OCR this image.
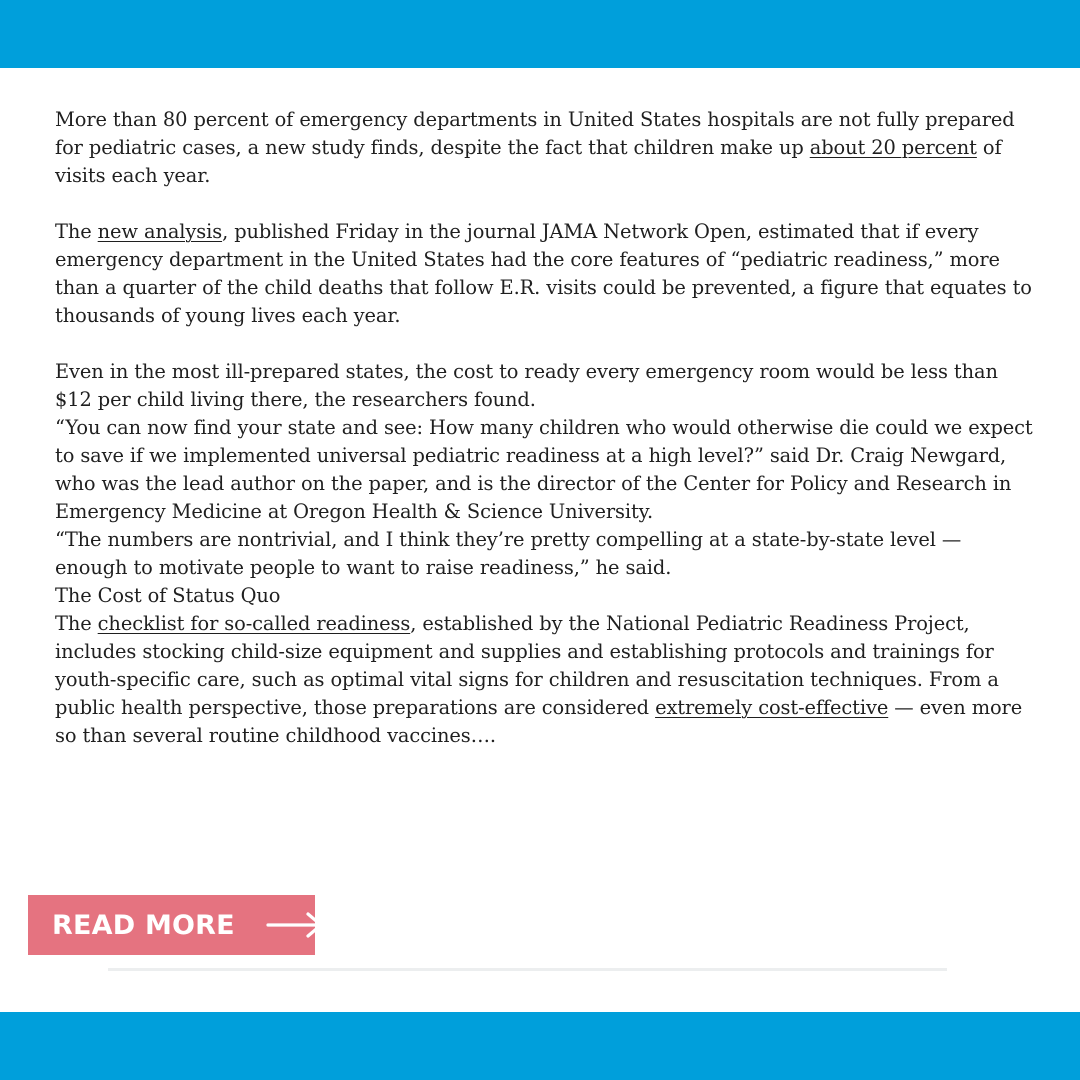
More than 80 percent of emergency departments in United States hospitals are not fully prepared for pediatric cases, a new study finds, despite the fact that children make up about 20 percent of visits each year.

The new analysis, published Friday in the journal JAMA Network Open, estimated that if every emergency department in the United States had the core features of “pediatric readiness,” more than a quarter of the child deaths that follow E.R. visits could be prevented, a figure that equates to thousands of young lives each year.

Even in the most ill-prepared states, the cost to ready every emergency room would be less than $12 per child living there, the researchers found.

“You can now find your state and see: How many children who would otherwise die could we expect to save if we implemented universal pediatric readiness at a high level?” said Dr. Craig Newgard, who was the lead author on the paper, and is the director of the Center for Policy and Research in Emergency Medicine at Oregon Health & Science University.

“The numbers are nontrivial, and I think they’re pretty compelling at a state-by-state level — enough to motivate people to want to raise readiness,” he said.

The Cost of Status Quo

The checklist for so-called readiness, established by the National Pediatric Readiness Project, includes stocking child-size equipment and supplies and establishing protocols and trainings for youth-specific care, such as optimal vital signs for children and resuscitation techniques. From a public health perspective, those preparations are considered extremely cost-effective — even more so than several routine childhood vaccines….

READ MORE
